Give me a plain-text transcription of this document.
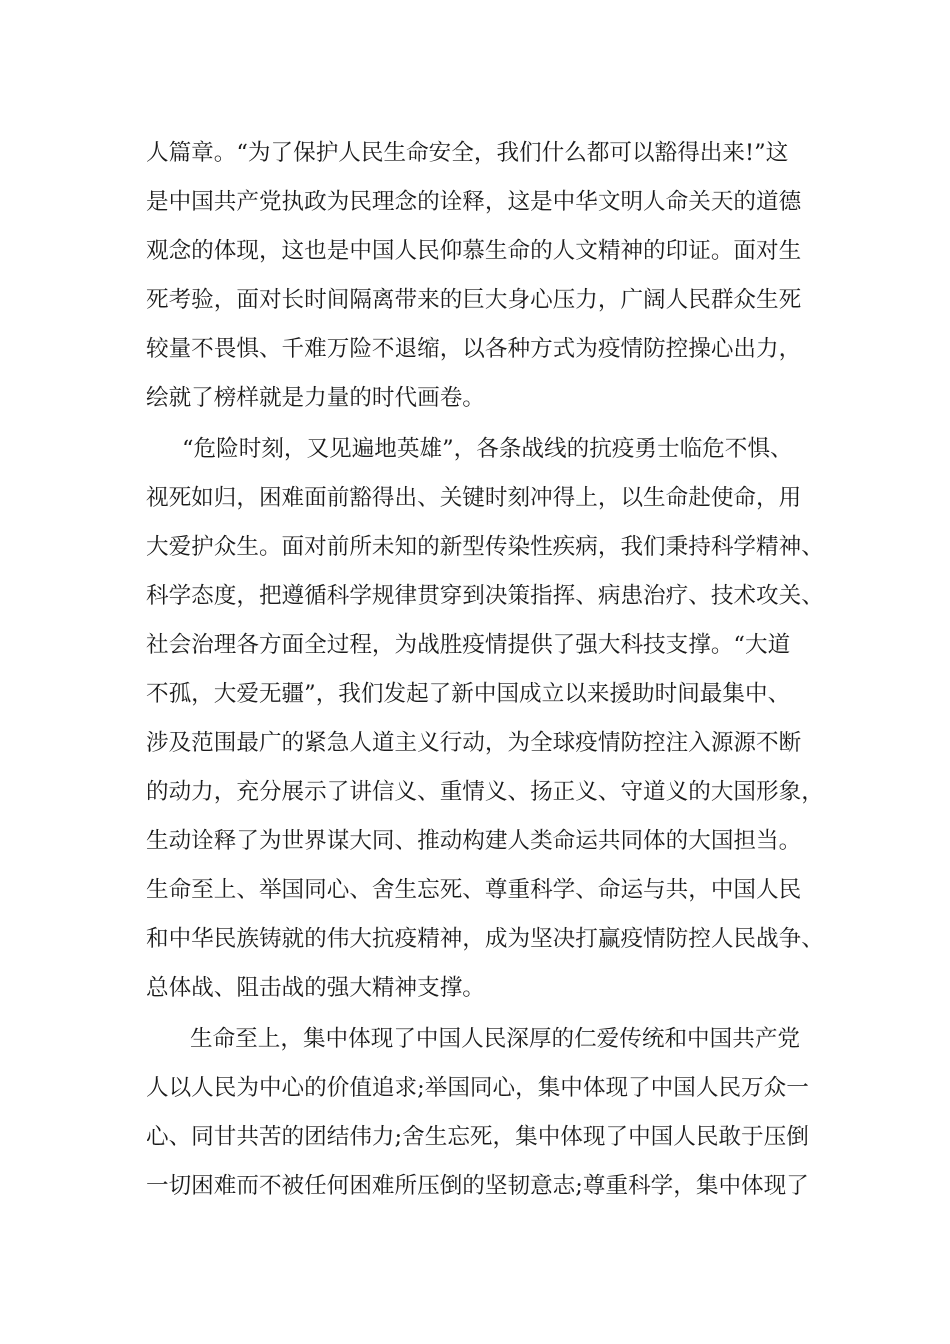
人篇章。“为了保护人民生命安全，我们什么都可以豁得出来!”这
是中国共产党执政为民理念的诠释，这是中华文明人命关天的道德
观念的体现，这也是中国人民仰慕生命的人文精神的印证。面对生
死考验，面对长时间隔离带来的巨大身心压力，广阔人民群众生死
较量不畏惧、千难万险不退缩，以各种方式为疫情防控操心出力，
绘就了榜样就是力量的时代画卷。
“危险时刻，又见遍地英雄”，各条战线的抗疫勇士临危不惧、
视死如归，困难面前豁得出、关键时刻冲得上，以生命赴使命，用
大爱护众生。面对前所未知的新型传染性疾病，我们秉持科学精神、
科学态度，把遵循科学规律贯穿到决策指挥、病患治疗、技术攻关、
社会治理各方面全过程，为战胜疫情提供了强大科技支撑。“大道
不孤，大爱无疆”，我们发起了新中国成立以来援助时间最集中、
涉及范围最广的紧急人道主义行动，为全球疫情防控注入源源不断
的动力，充分展示了讲信义、重情义、扬正义、守道义的大国形象，
生动诠释了为世界谋大同、推动构建人类命运共同体的大国担当。
生命至上、举国同心、舍生忘死、尊重科学、命运与共，中国人民
和中华民族铸就的伟大抗疫精神，成为坚决打赢疫情防控人民战争、
总体战、阻击战的强大精神支撑。
生命至上，集中体现了中国人民深厚的仁爱传统和中国共产党
人以人民为中心的价值追求;举国同心，集中体现了中国人民万众一
心、同甘共苦的团结伟力;舍生忘死，集中体现了中国人民敢于压倒
一切困难而不被任何困难所压倒的坚韧意志;尊重科学，集中体现了
